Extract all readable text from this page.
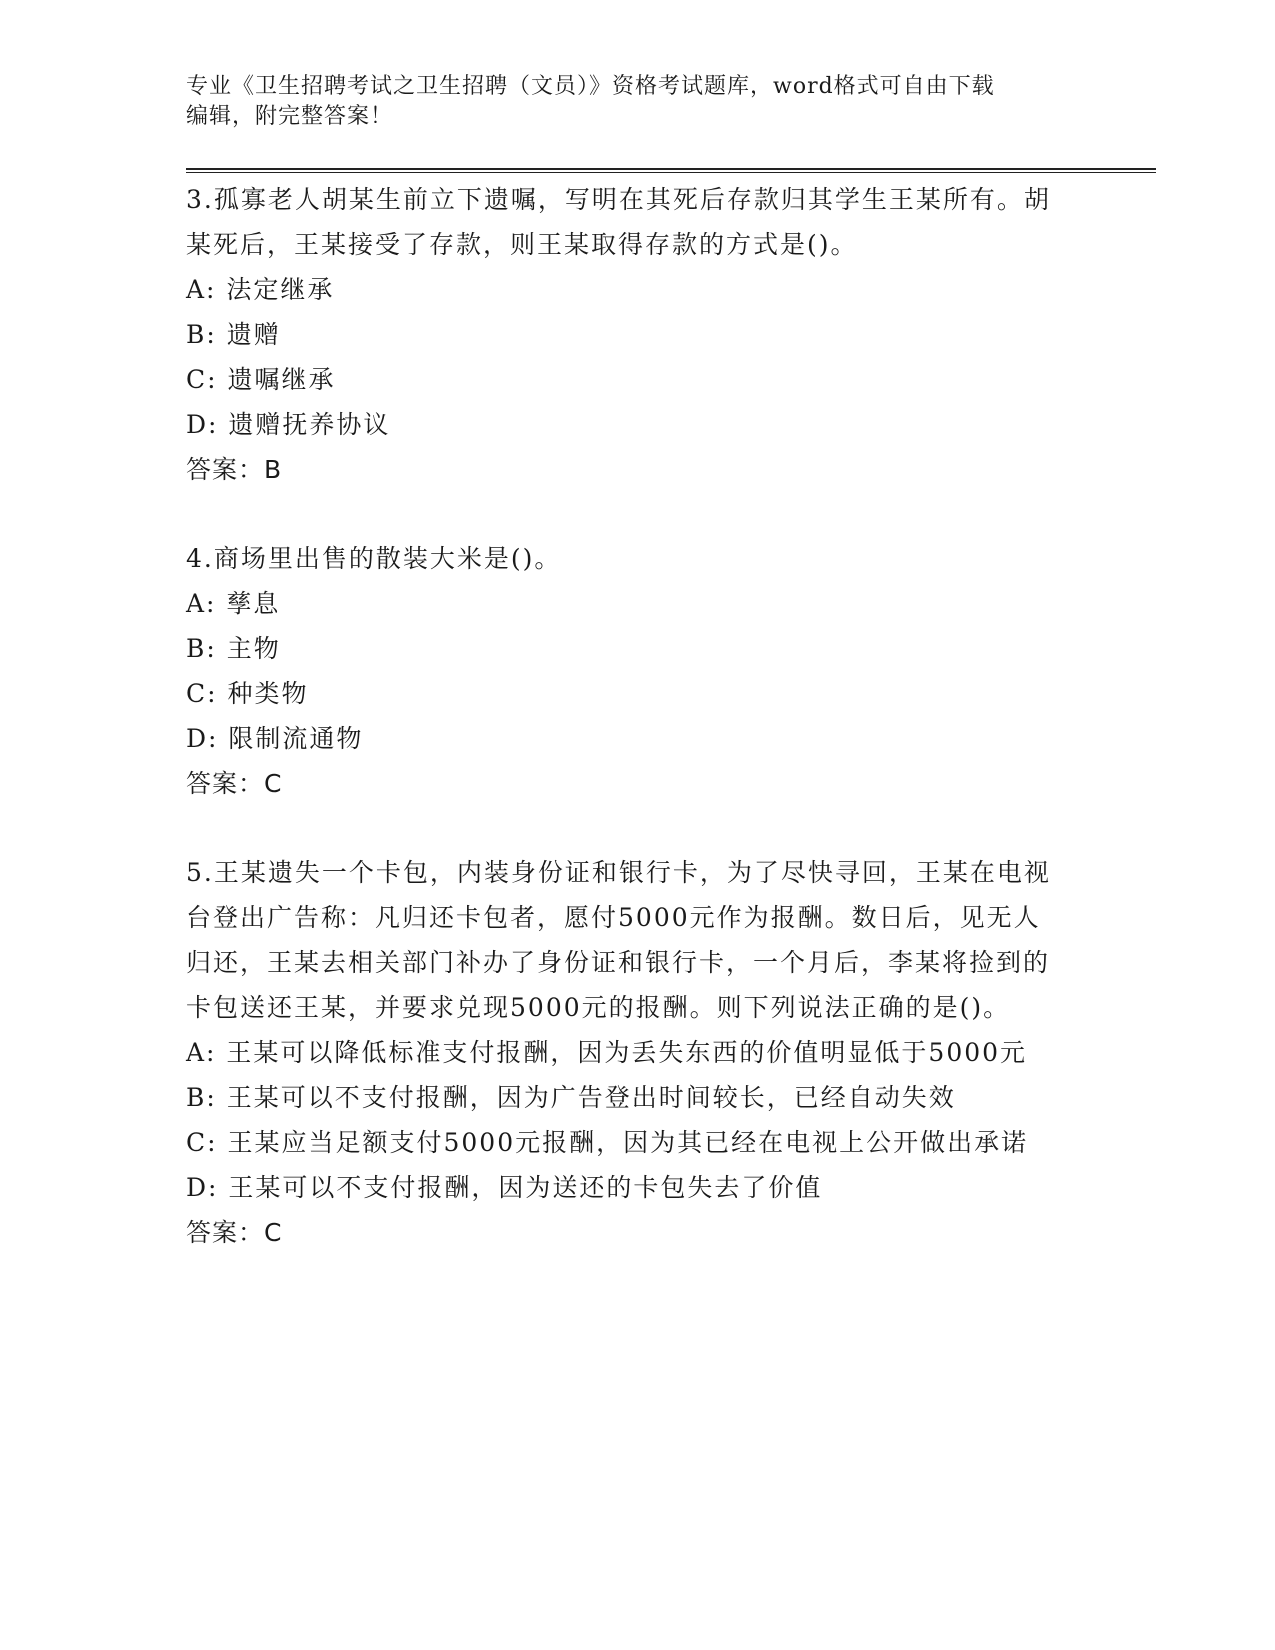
专业《卫生招聘考试之卫生招聘（文员）》资格考试题库，word格式可自由下载
编辑，附完整答案！

3.孤寡老人胡某生前立下遗嘱，写明在其死后存款归其学生王某所有。胡某死后，王某接受了存款，则王某取得存款的方式是()。

A: 法定继承

B: 遗赠

C: 遗嘱继承

D: 遗赠抚养协议

答案：B

4.商场里出售的散装大米是()。

A: 孳息

B: 主物

C: 种类物

D: 限制流通物

答案：C

5.王某遗失一个卡包，内装身份证和银行卡，为了尽快寻回，王某在电视台登出广告称：凡归还卡包者，愿付5000元作为报酬。数日后，见无人归还，王某去相关部门补办了身份证和银行卡，一个月后，李某将捡到的卡包送还王某，并要求兑现5000元的报酬。则下列说法正确的是()。

A: 王某可以降低标准支付报酬，因为丢失东西的价值明显低于5000元

B: 王某可以不支付报酬，因为广告登出时间较长，已经自动失效

C: 王某应当足额支付5000元报酬，因为其已经在电视上公开做出承诺

D: 王某可以不支付报酬，因为送还的卡包失去了价值

答案：C
